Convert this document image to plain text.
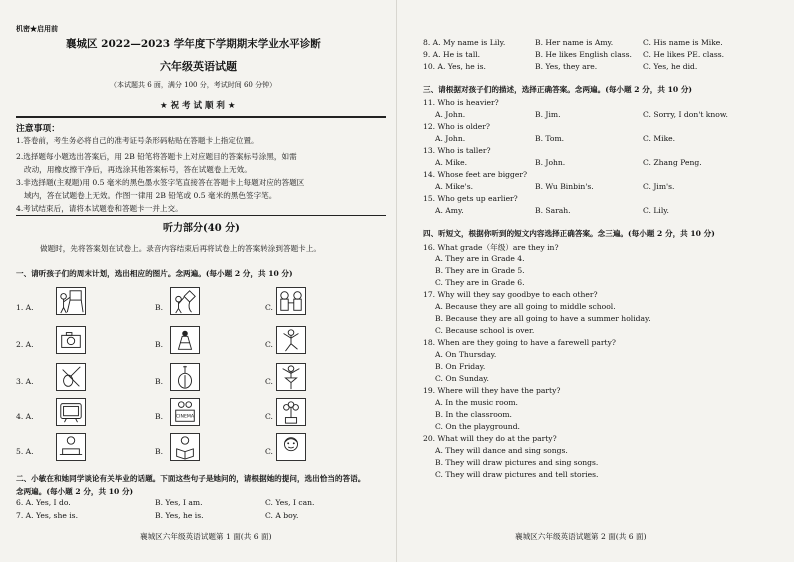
机密★启用前
襄城区 2022—2023 学年度下学期期末学业水平诊断
六年级英语试题
（本试题共 6 面，满分 100 分，考试时间 60 分钟）
★ 祝 考 试 顺 利 ★
注意事项：
1.答卷前，考生务必将自己的准考证号条形码粘贴在答题卡上指定位置。
2.选择题每小题选出答案后，用 2B 铅笔将答题卡上对应题目的答案标号涂黑，如需
改动，用橡皮擦干净后，再选涂其他答案标号，答在试题卷上无效。
3.非选择题(主观题)用 0.5 毫米的黑色墨水签字笔直接答在答题卡上每题对应的答题区
域内，答在试题卷上无效。作图一律用 2B 铅笔或 0.5 毫米的黑色签字笔。
4.考试结束后，请将本试题卷和答题卡一并上交。
听力部分(40 分)
做题时，先将答案划在试卷上。录音内容结束后再将试卷上的答案转涂到答题卡上。
一、请听孩子们的周末计划，选出相应的图片。念两遍。(每小题 2 分，共 10 分)
1. A.	B.	C.
2. A.	B.	C.
3. A.	B.	C.
4. A.	B.	CINEMA	C.
5. A.	B.	C.
二、小敏在和她同学谈论有关毕业的话题。下面这些句子是她问的，请根据她的提问，选出恰当的答语。
念两遍。(每小题 2 分，共 10 分)
6. A. Yes, I do.	B. Yes, I am.	C. Yes, I can.
7. A. Yes, she is.	B. Yes, he is.	C. A boy.
襄城区六年级英语试题第 1 面(共 6 面)
8. A. My name is Lily.	B. Her name is Amy.	C. His name is Mike.
9. A. He is tall.	B. He likes English class. C. He likes PE. class.
10. A. Yes, he is.	B. Yes, they are.	C. Yes, he did.
三、请根据对孩子们的描述，选择正确答案。念两遍。(每小题 2 分，共 10 分)
11. Who is heavier?
A. John.	B. Jim.	C. Sorry, I don't know.
12. Who is older?
A. John.	B. Tom.	C. Mike.
13. Who is taller?
A. Mike.	B. John.	C. Zhang Peng.
14. Whose feet are bigger?
A. Mike's.	B. Wu Binbin's.	C. Jim's.
15. Who gets up earlier?
A. Amy.	B. Sarah.	C. Lily.
四、听短文，根据你听到的短文内容选择正确答案。念三遍。(每小题 2 分，共 10 分)
16. What grade（年级）are they in?
A. They are in Grade 4.
B. They are in Grade 5.
C. They are in Grade 6.
17. Why will they say goodbye to each other?
A. Because they are all going to middle school.
B. Because they are all going to have a summer holiday.
C. Because school is over.
18. When are they going to have a farewell party?
A. On Thursday.
B. On Friday.
C. On Sunday.
19. Where will they have the party?
A. In the music room.
B. In the classroom.
C. On the playground.
20. What will they do at the party?
A. They will dance and sing songs.
B. They will draw pictures and sing songs.
C. They will draw pictures and tell stories.
襄城区六年级英语试题第 2 面(共 6 面)
